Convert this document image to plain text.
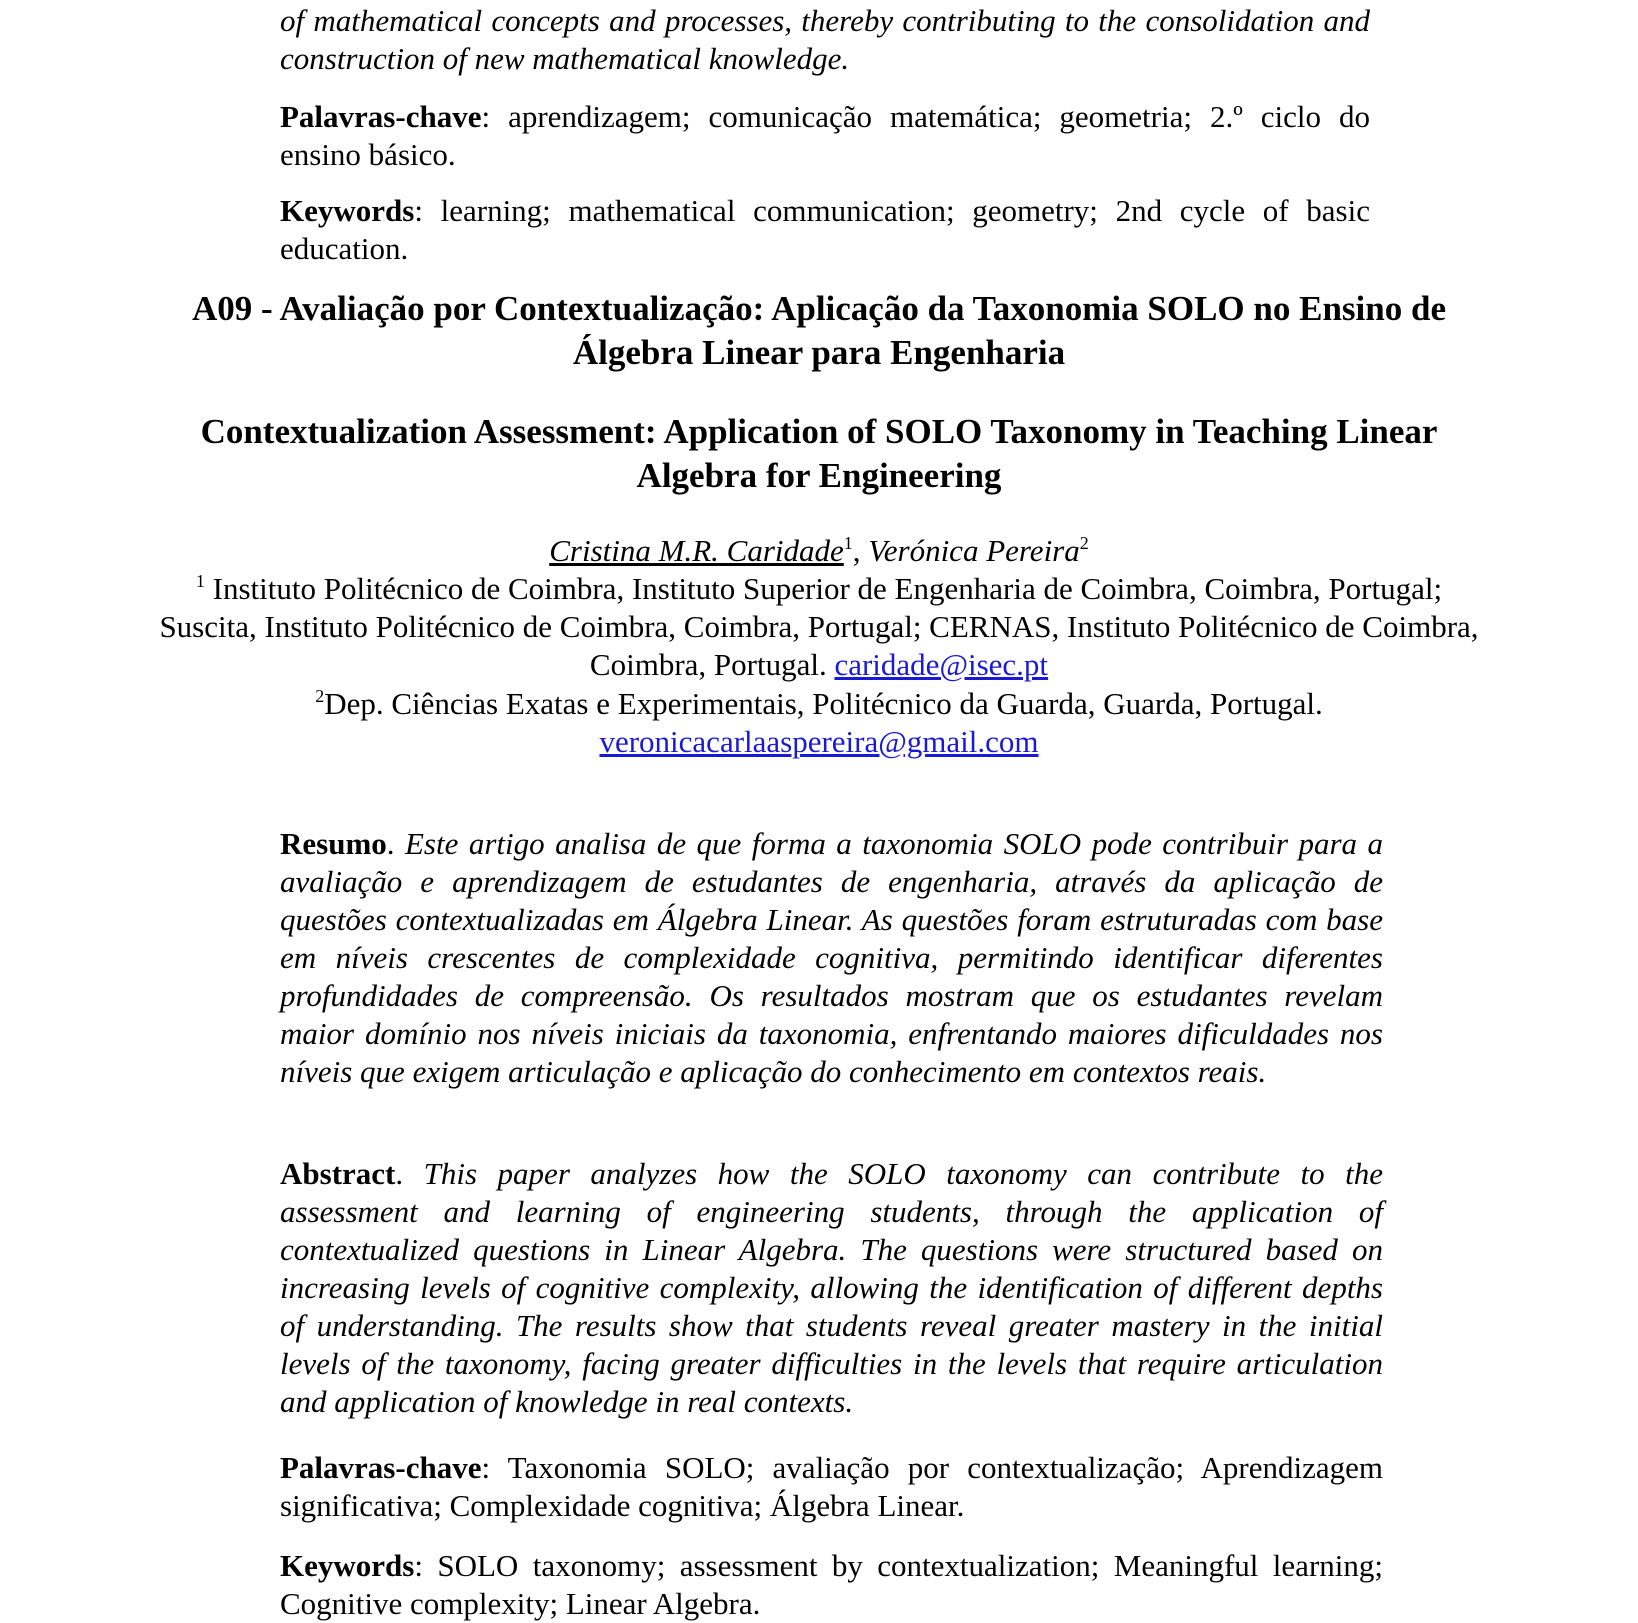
of mathematical concepts and processes, thereby contributing to the consolidation and construction of new mathematical knowledge.

Palavras-chave: aprendizagem; comunicação matemática; geometria; 2.º ciclo do ensino básico.

Keywords: learning; mathematical communication; geometry; 2nd cycle of basic education.

A09 - Avaliação por Contextualização: Aplicação da Taxonomia SOLO no Ensino de Álgebra Linear para Engenharia
Contextualization Assessment: Application of SOLO Taxonomy in Teaching Linear Algebra for Engineering
Cristina M.R. Caridade$^1$, Verónica Pereira$^2$
$^1$ Instituto Politécnico de Coimbra, Instituto Superior de Engenharia de Coimbra, Coimbra, Portugal; Suscita, Instituto Politécnico de Coimbra, Coimbra, Portugal; CERNAS, Instituto Politécnico de Coimbra, Coimbra, Portugal. caridade@isec.pt
$^2$Dep. Ciências Exatas e Experimentais, Politécnico da Guarda, Guarda, Portugal.
veronicacarlaaspereira@gmail.com

Resumo. Este artigo analisa de que forma a taxonomia SOLO pode contribuir para a avaliação e aprendizagem de estudantes de engenharia, através da aplicação de questões contextualizadas em Álgebra Linear. As questões foram estruturadas com base em níveis crescentes de complexidade cognitiva, permitindo identificar diferentes profundidades de compreensão. Os resultados mostram que os estudantes revelam maior domínio nos níveis iniciais da taxonomia, enfrentando maiores dificuldades nos níveis que exigem articulação e aplicação do conhecimento em contextos reais.

Abstract. This paper analyzes how the SOLO taxonomy can contribute to the assessment and learning of engineering students, through the application of contextualized questions in Linear Algebra. The questions were structured based on increasing levels of cognitive complexity, allowing the identification of different depths of understanding. The results show that students reveal greater mastery in the initial levels of the taxonomy, facing greater difficulties in the levels that require articulation and application of knowledge in real contexts.

Palavras-chave: Taxonomia SOLO; avaliação por contextualização; Aprendizagem significativa; Complexidade cognitiva; Álgebra Linear.

Keywords: SOLO taxonomy; assessment by contextualization; Meaningful learning; Cognitive complexity; Linear Algebra.
